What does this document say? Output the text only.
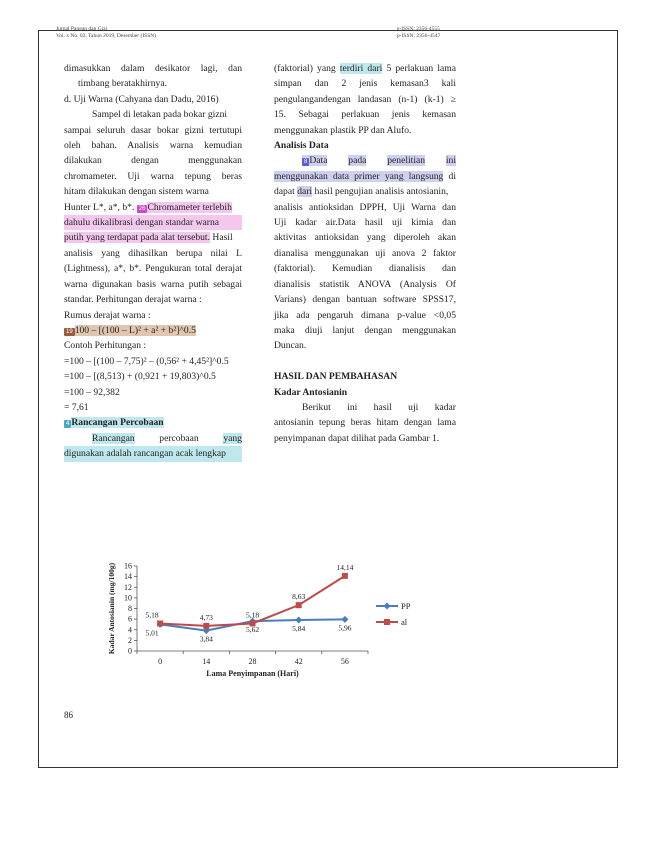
Jurnal Pangan dan Gizi
Vol. x No. 02, Tahun 2019, Desember (ISSN)
e-ISSN: 2356-4555
p-ISSN: 2356-4547
dimasukkan dalam desikator lagi, dan
timbang beratakhirnya.
d. Uji Warna (Cahyana dan Dadu, 2016)
Sampel di letakan pada bokar gizni
sampai seluruh dasar bokar gizni tertutupi
oleh bahan. Analisis warna kemudian
dilakukan	dengan	menggunakan
chromameter. Uji warna tepung beras
hitam dilakukan dengan sistem warna
Hunter L*, a*, b*. 26 Chromameter terlebih
dahulu dikalibrasi dengan standar warna
putih yang terdapat pada alat tersebut. Hasil
analisis yang dihasilkan berupa nilai L
(Lightness), a*, b*. Pengukuran total derajat
warna digunakan basis warna putih sebagai
standar. Perhitungan derajat warna :
Rumus derajat warna :
19 100 – [(100 – L)² + a² + b²]^0.5
Contoh Perhitungan :
=100 – [(100 – 7,75)² – (0,56² + 4,45²]^0.5
=100 – [(8,513) + (0,921 + 19,803)^0.5
=100 – 92,382
= 7,61
4 Rancangan Percobaan
Rancangan	percobaan	yang
digunakan adalah rancangan acak lengkap
(faktorial) yang terdiri dari 5 perlakuan lama
simpan dan 2 jenis kemasan3 kali
pengulangandengan landasan (n-1) (k-1) ≥
15. Sebagai perlakuan jenis kemasan
menggunakan plastik PP dan Alufo.
Analisis Data
8 Data pada penelitian ini
menggunakan data primer yang langsung di
dapat dari hasil pengujian analisis antosianin,
analisis antioksidan DPPH, Uji Warna dan
Uji kadar air.Data hasil uji kimia dan
aktivitas antioksidan yang diperoleh akan
dianalisa menggunakan uji anova 2 faktor
(faktorial). Kemudian dianalisis dan
dianalisis statistik ANOVA (Analysis Of
Varians) dengan bantuan software SPSS17,
jika ada pengaruh dimana p-value <0,05
maka diuji lanjut dengan menggunakan
Duncan.

HASIL DAN PEMBAHASAN
Kadar Antosianin
Berikut ini hasil uji kadar
antosianin tepung beras hitam dengan lama
penyimpanan dapat dilihat pada Gambar 1.
0
2
4
6
8
10
12
14
16
0	14	28	42	56
Lama Penyimpanan (Hari)
Kadar Antosianin (mg/100g)	5,01
3,84
5,62	5,84	5,96
5,18	4,73	5,18
8,63
14,14
PP
al
86
